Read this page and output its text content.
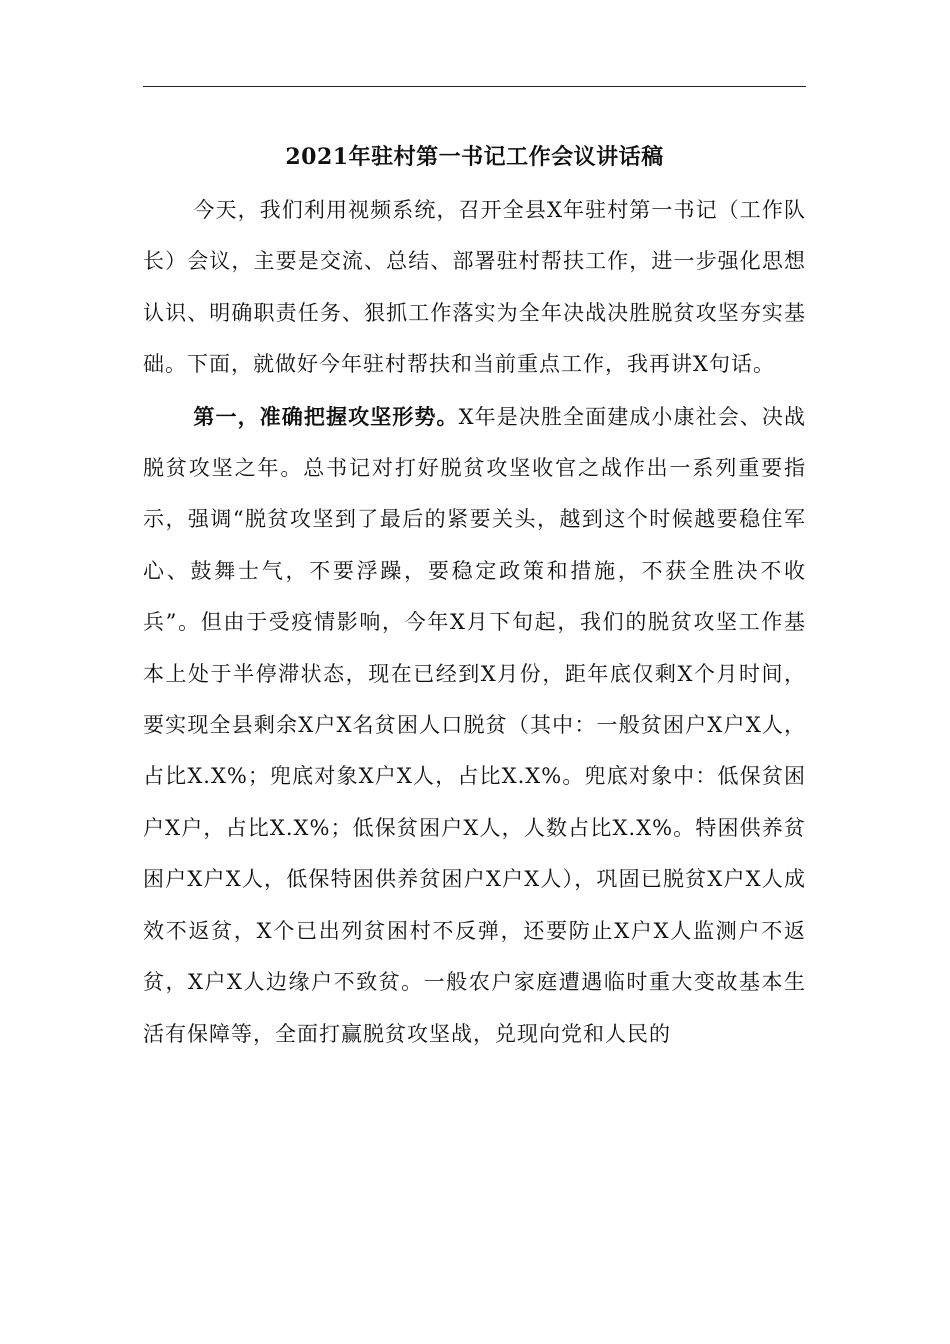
2021年驻村第一书记工作会议讲话稿

今天，我们利用视频系统，召开全县X年驻村第一书记（工作队长）会议，主要是交流、总结、部署驻村帮扶工作，进一步强化思想认识、明确职责任务、狠抓工作落实为全年决战决胜脱贫攻坚夯实基础。下面，就做好今年驻村帮扶和当前重点工作，我再讲X句话。

第一，准确把握攻坚形势。X年是决胜全面建成小康社会、决战脱贫攻坚之年。总书记对打好脱贫攻坚收官之战作出一系列重要指示，强调“脱贫攻坚到了最后的紧要关头，越到这个时候越要稳住军心、鼓舞士气，不要浮躁，要稳定政策和措施，不获全胜决不收兵”。但由于受疫情影响，今年X月下旬起，我们的脱贫攻坚工作基本上处于半停滞状态，现在已经到X月份，距年底仅剩X个月时间，要实现全县剩余X户X名贫困人口脱贫（其中：一般贫困户X户X人，占比X.X%；兜底对象X户X人，占比X.X%。兜底对象中：低保贫困户X户，占比X.X%；低保贫困户X人，人数占比X.X%。特困供养贫困户X户X人，低保特困供养贫困户X户X人），巩固已脱贫X户X人成效不返贫，X个已出列贫困村不反弹，还要防止X户X人监测户不返贫，X户X人边缘户不致贫。一般农户家庭遭遇临时重大变故基本生活有保障等，全面打赢脱贫攻坚战，兑现向党和人民的
